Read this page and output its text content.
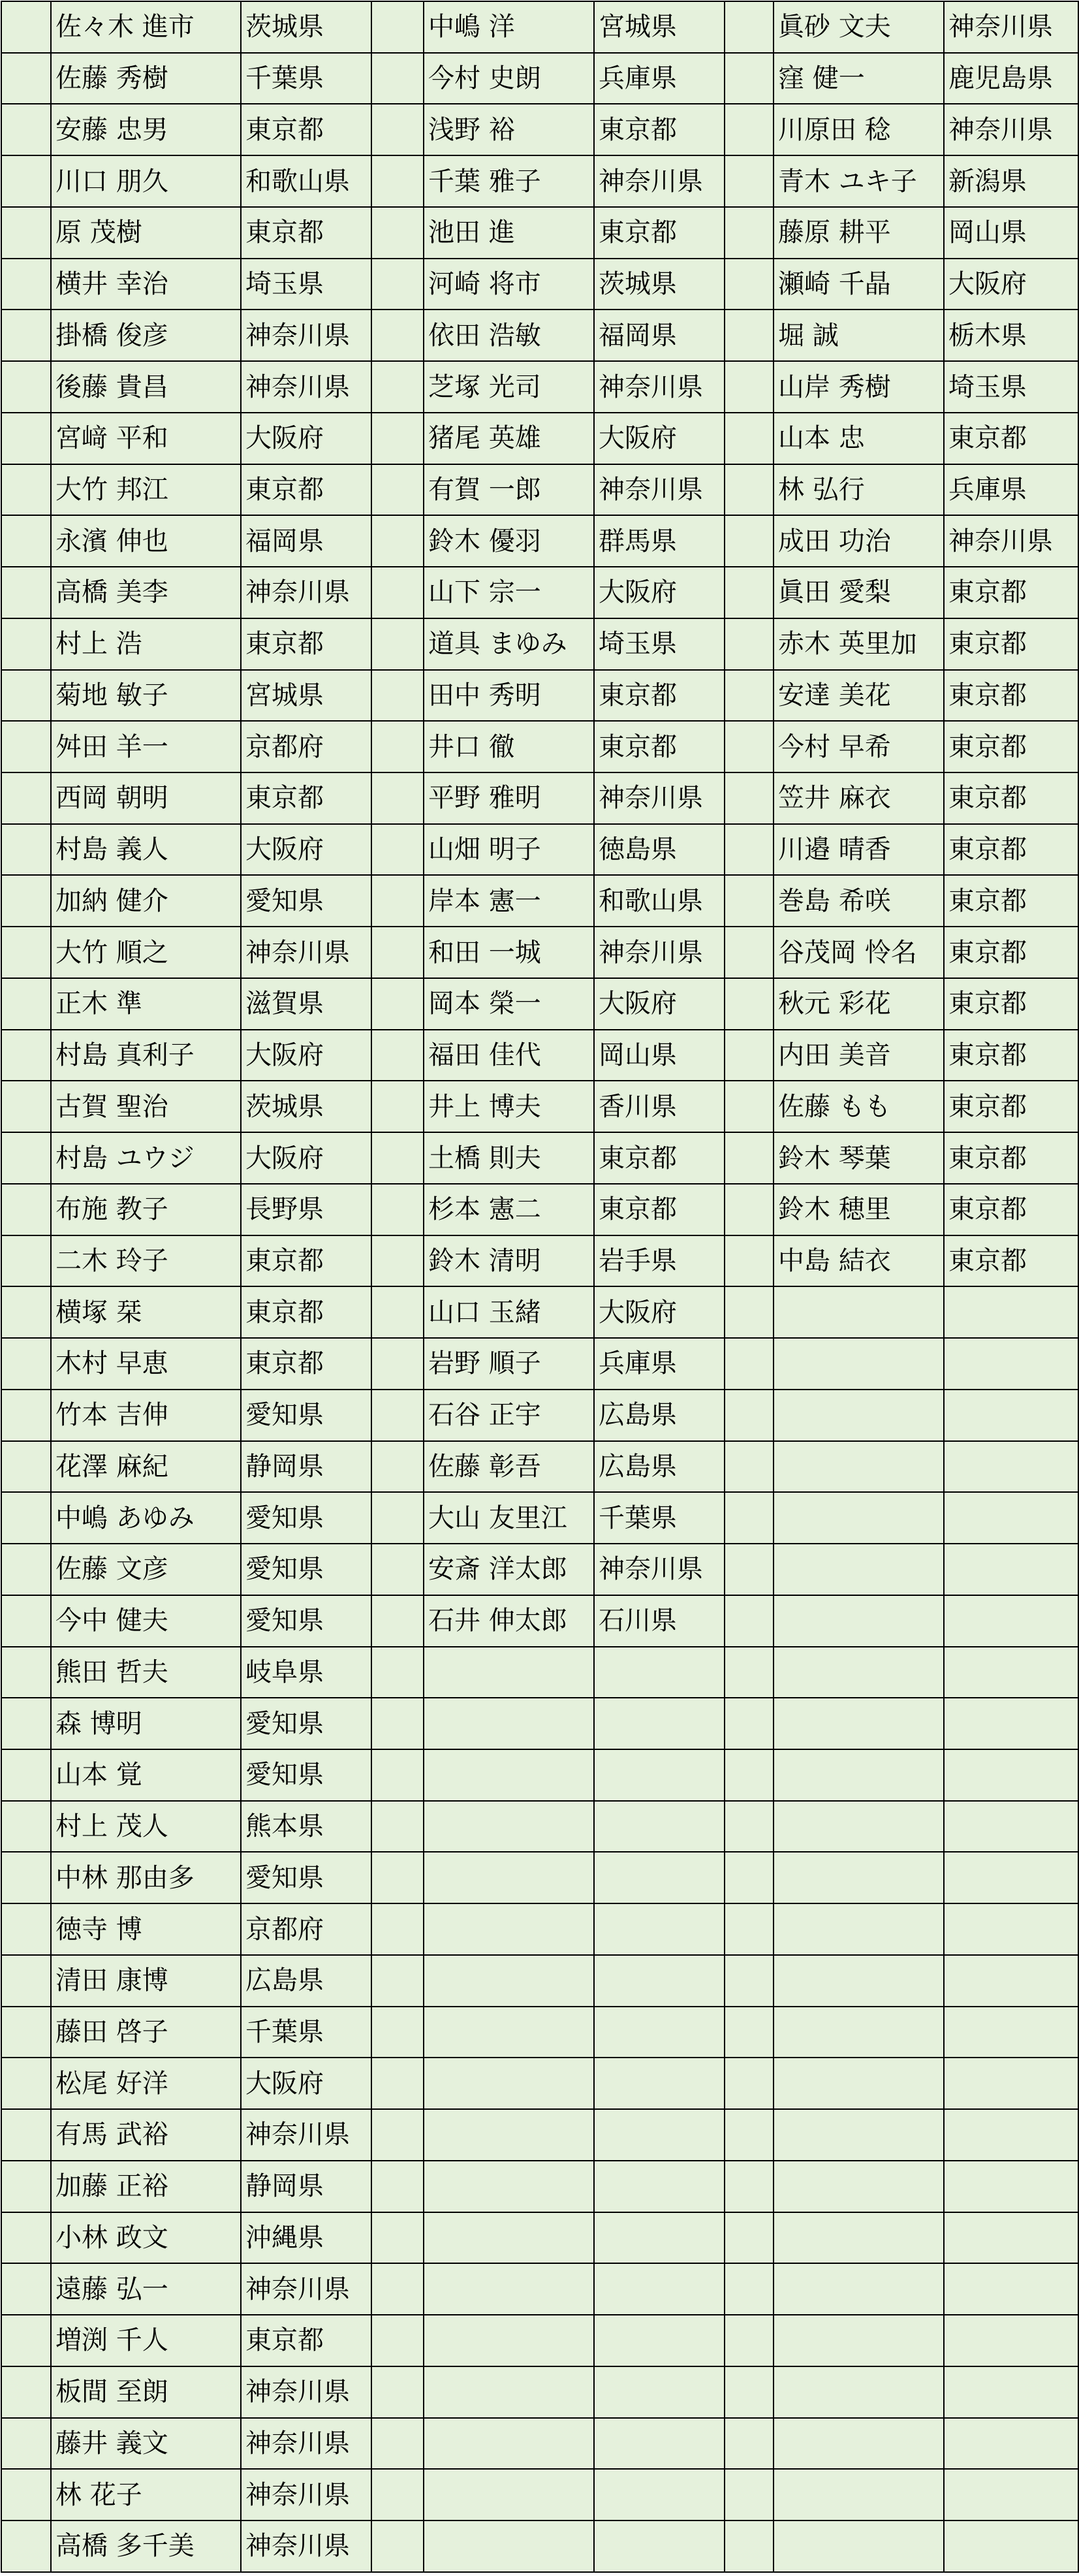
	佐々木 進市	茨城県		中嶋 洋	宮城県		眞砂 文夫	神奈川県
	佐藤 秀樹	千葉県		今村 史朗	兵庫県		窪 健一	鹿児島県
	安藤 忠男	東京都		浅野 裕	東京都		川原田 稔	神奈川県
	川口 朋久	和歌山県		千葉 雅子	神奈川県		青木 ユキ子	新潟県
	原 茂樹	東京都		池田 進	東京都		藤原 耕平	岡山県
	横井 幸治	埼玉県		河崎 将市	茨城県		瀬崎 千晶	大阪府
	掛橋 俊彦	神奈川県		依田 浩敏	福岡県		堀 誠	栃木県
	後藤 貴昌	神奈川県		芝塚 光司	神奈川県		山岸 秀樹	埼玉県
	宮﨑 平和	大阪府		猪尾 英雄	大阪府		山本 忠	東京都
	大竹 邦江	東京都		有賀 一郎	神奈川県		林 弘行	兵庫県
	永濱 伸也	福岡県		鈴木 優羽	群馬県		成田 功治	神奈川県
	高橋 美李	神奈川県		山下 宗一	大阪府		眞田 愛梨	東京都
	村上 浩	東京都		道具 まゆみ	埼玉県		赤木 英里加	東京都
	菊地 敏子	宮城県		田中 秀明	東京都		安達 美花	東京都
	舛田 羊一	京都府		井口 徹	東京都		今村 早希	東京都
	西岡 朝明	東京都		平野 雅明	神奈川県		笠井 麻衣	東京都
	村島 義人	大阪府		山畑 明子	徳島県		川邉 晴香	東京都
	加納 健介	愛知県		岸本 憲一	和歌山県		巻島 希咲	東京都
	大竹 順之	神奈川県		和田 一城	神奈川県		谷茂岡 怜名	東京都
	正木 準	滋賀県		岡本 榮一	大阪府		秋元 彩花	東京都
	村島 真利子	大阪府		福田 佳代	岡山県		内田 美音	東京都
	古賀 聖治	茨城県		井上 博夫	香川県		佐藤 もも	東京都
	村島 ユウジ	大阪府		土橋 則夫	東京都		鈴木 琴葉	東京都
	布施 教子	長野県		杉本 憲二	東京都		鈴木 穂里	東京都
	二木 玲子	東京都		鈴木 清明	岩手県		中島 結衣	東京都
	横塚 栞	東京都		山口 玉緒	大阪府			
	木村 早恵	東京都		岩野 順子	兵庫県			
	竹本 吉伸	愛知県		石谷 正宇	広島県			
	花澤 麻紀	静岡県		佐藤 彰吾	広島県			
	中嶋 あゆみ	愛知県		大山 友里江	千葉県			
	佐藤 文彦	愛知県		安斎 洋太郎	神奈川県			
	今中 健夫	愛知県		石井 伸太郎	石川県			
	熊田 哲夫	岐阜県						
	森 博明	愛知県						
	山本 覚	愛知県						
	村上 茂人	熊本県						
	中林 那由多	愛知県						
	徳寺 博	京都府						
	清田 康博	広島県						
	藤田 啓子	千葉県						
	松尾 好洋	大阪府						
	有馬 武裕	神奈川県						
	加藤 正裕	静岡県						
	小林 政文	沖縄県						
	遠藤 弘一	神奈川県						
	増渕 千人	東京都						
	板間 至朗	神奈川県						
	藤井 義文	神奈川県						
	林 花子	神奈川県						
	高橋 多千美	神奈川県						
